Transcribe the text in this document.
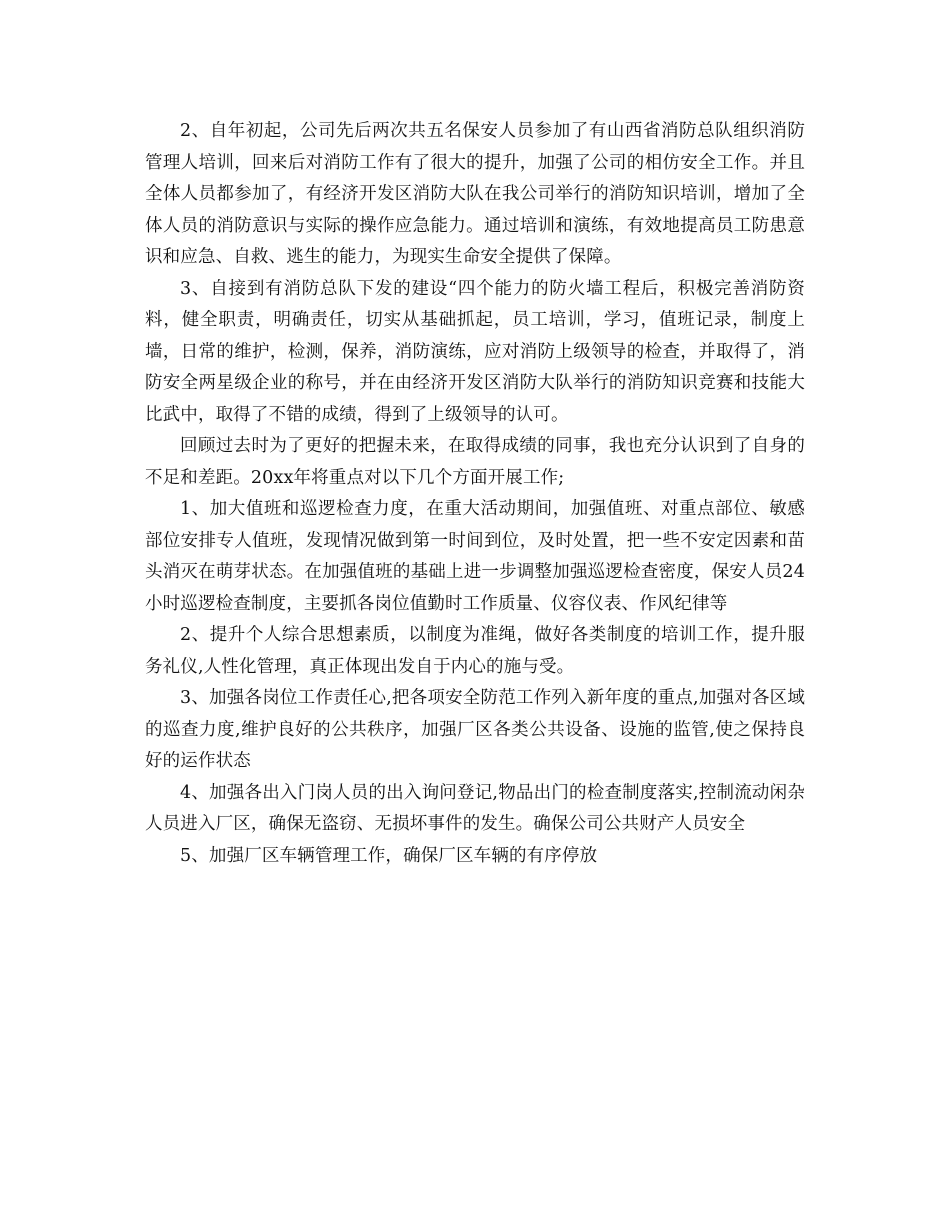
2、自年初起，公司先后两次共五名保安人员参加了有山西省消防总队组织消防管理人培训，回来后对消防工作有了很大的提升，加强了公司的相仿安全工作。并且全体人员都参加了，有经济开发区消防大队在我公司举行的消防知识培训，增加了全体人员的消防意识与实际的操作应急能力。通过培训和演练，有效地提高员工防患意识和应急、自救、逃生的能力，为现实生命安全提供了保障。

3、自接到有消防总队下发的建设“四个能力的防火墙工程后，积极完善消防资料，健全职责，明确责任，切实从基础抓起，员工培训，学习，值班记录，制度上墙，日常的维护，检测，保养，消防演练，应对消防上级领导的检查，并取得了，消防安全两星级企业的称号，并在由经济开发区消防大队举行的消防知识竞赛和技能大比武中，取得了不错的成绩，得到了上级领导的认可。

回顾过去时为了更好的把握未来，在取得成绩的同事，我也充分认识到了自身的不足和差距。20xx年将重点对以下几个方面开展工作;

1、加大值班和巡逻检查力度，在重大活动期间，加强值班、对重点部位、敏感部位安排专人值班，发现情况做到第一时间到位，及时处置，把一些不安定因素和苗头消灭在萌芽状态。在加强值班的基础上进一步调整加强巡逻检查密度，保安人员24小时巡逻检查制度，主要抓各岗位值勤时工作质量、仪容仪表、作风纪律等

2、提升个人综合思想素质，以制度为准绳，做好各类制度的培训工作，提升服务礼仪,人性化管理，真正体现出发自于内心的施与受。

3、加强各岗位工作责任心,把各项安全防范工作列入新年度的重点,加强对各区域的巡查力度,维护良好的公共秩序，加强厂区各类公共设备、设施的监管,使之保持良好的运作状态

4、加强各出入门岗人员的出入询问登记,物品出门的检查制度落实,控制流动闲杂人员进入厂区，确保无盗窃、无损坏事件的发生。确保公司公共财产人员安全

5、加强厂区车辆管理工作，确保厂区车辆的有序停放
